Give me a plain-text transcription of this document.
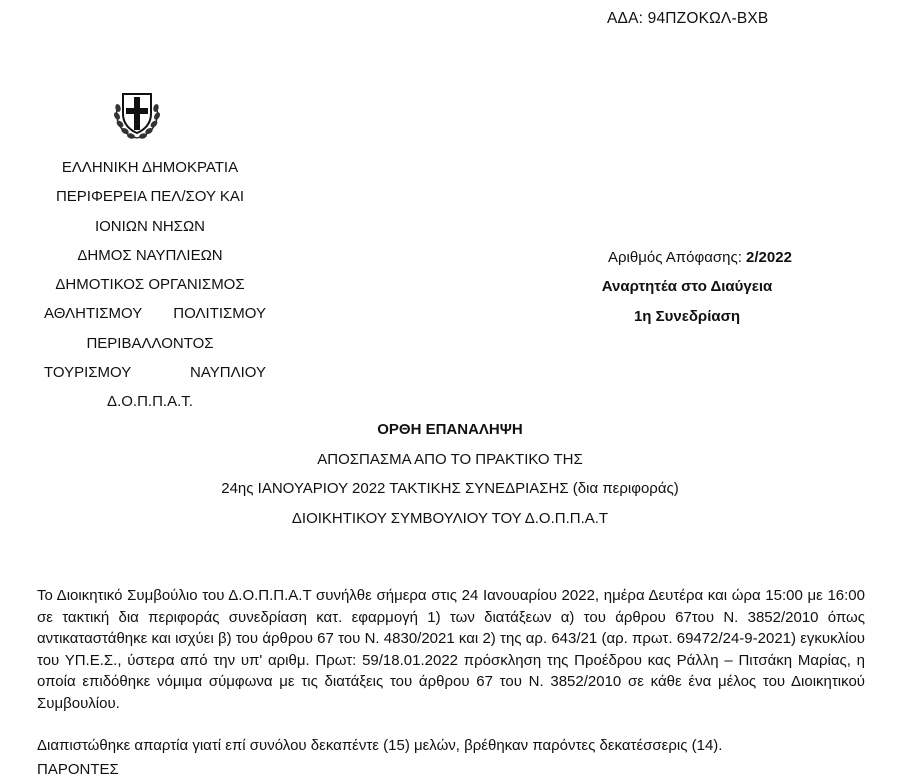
ΑΔΑ: 94ΠΖΟΚΩΛ-ΒΧΒ
ΕΛΛΗΝΙΚΗ ΔΗΜΟΚΡΑΤΙΑ
ΠΕΡΙΦΕΡΕΙΑ ΠΕΛ/ΣΟΥ ΚΑΙ
ΙΟΝΙΩΝ ΝΗΣΩΝ
ΔΗΜΟΣ ΝΑΥΠΛΙΕΩΝ
ΔΗΜΟΤΙΚΟΣ ΟΡΓΑΝΙΣΜΟΣ
ΑΘΛΗΤΙΣΜΟΥ ΠΟΛΙΤΙΣΜΟΥ
ΠΕΡΙΒΑΛΛΟΝΤΟΣ
ΤΟΥΡΙΣΜΟΥ ΝΑΥΠΛΙΟΥ
Δ.Ο.Π.Π.Α.Τ.
Αριθμός Απόφασης: 2/2022
Αναρτητέα στο Διαύγεια
1η Συνεδρίαση
ΟΡΘΗ ΕΠΑΝΑΛΗΨΗ
ΑΠΟΣΠΑΣΜΑ ΑΠΟ ΤΟ ΠΡΑΚΤΙΚΟ ΤΗΣ
24ης ΙΑΝΟΥΑΡΙΟΥ 2022 ΤΑΚΤΙΚΗΣ ΣΥΝΕΔΡΙΑΣΗΣ (δια περιφοράς)
ΔΙΟΙΚΗΤΙΚΟΥ ΣΥΜΒΟΥΛΙΟΥ ΤΟΥ Δ.Ο.Π.Π.Α.Τ
Το Διοικητικό Συμβούλιο του Δ.Ο.Π.Π.Α.Τ συνήλθε σήμερα στις 24 Ιανουαρίου 2022, ημέρα Δευτέρα και ώρα 15:00 με 16:00 σε τακτική δια περιφοράς συνεδρίαση κατ. εφαρμογή 1) των διατάξεων α) του άρθρου 67του Ν. 3852/2010 όπως αντικαταστάθηκε και ισχύει β) του άρθρου 67 του Ν. 4830/2021 και 2) της αρ. 643/21 (αρ. πρωτ. 69472/24-9-2021) εγκυκλίου του ΥΠ.Ε.Σ., ύστερα από την υπ' αριθμ. Πρωτ: 59/18.01.2022 πρόσκληση της Προέδρου κας Ράλλη – Πιτσάκη Μαρίας, η οποία επιδόθηκε νόμιμα σύμφωνα με τις διατάξεις του άρθρου 67 του Ν. 3852/2010 σε κάθε ένα μέλος του Διοικητικού Συμβουλίου.
Διαπιστώθηκε απαρτία γιατί επί συνόλου δεκαπέντε (15) μελών, βρέθηκαν παρόντες δεκατέσσερις (14).
ΠΑΡΟΝΤΕΣ
